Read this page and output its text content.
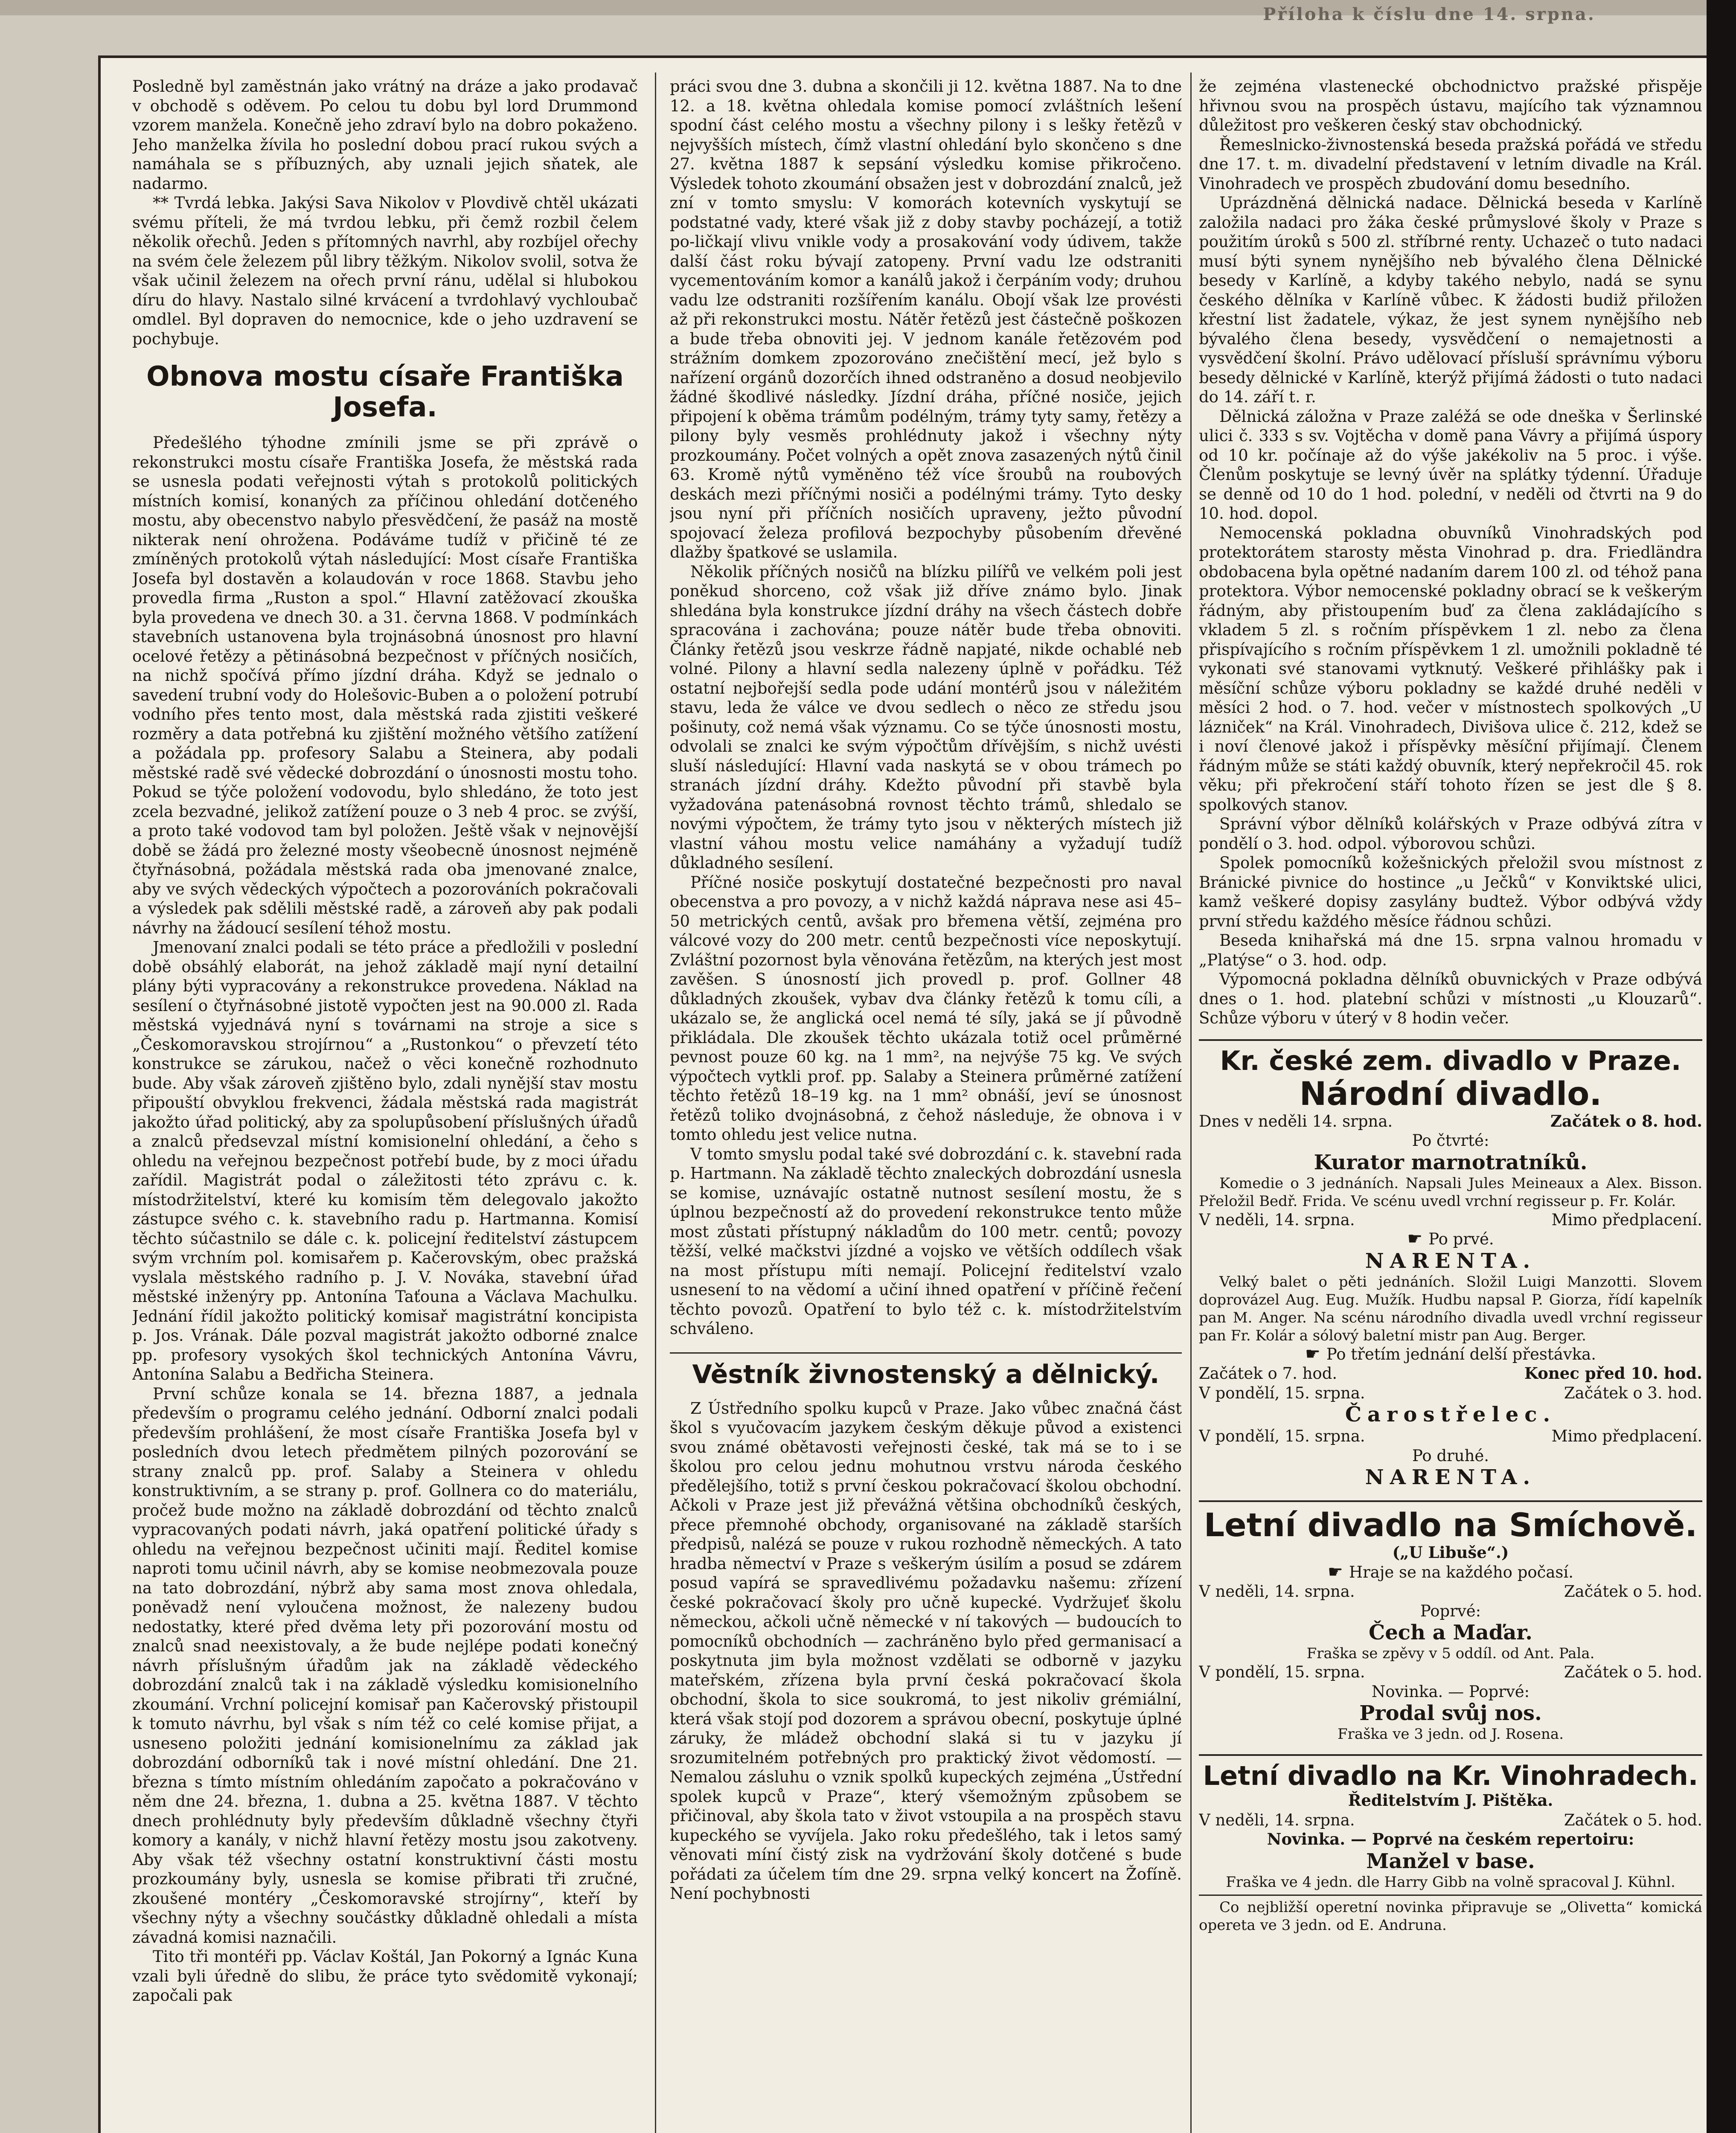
Příloha k číslu dne 14. srpna.

Posledně byl zaměstnán jako vrátný na dráze a jako prodavač v obchodě s oděvem. Po celou tu dobu byl lord Drummond vzorem manžela. Konečně jeho zdraví bylo na dobro pokaženo. Jeho manželka žívila ho poslední dobou prací rukou svých a namáhala se s příbuzných, aby uznali jejich sňatek, ale nadarmo.

** Tvrdá lebka. Jakýsi Sava Nikolov v Plovdivě chtěl ukázati svému příteli, že má tvrdou lebku, při čemž rozbil čelem několik ořechů. Jeden s přítomných navrhl, aby rozbíjel ořechy na svém čele železem půl libry těžkým. Nikolov svolil, sotva že však učinil železem na ořech první ránu, udělal si hlubokou díru do hlavy. Nastalo silné krvácení a tvrdohlavý vychloubač omdlel. Byl dopraven do nemocnice, kde o jeho uzdravení se pochybuje.

Obnova mostu císaře Františka Josefa.

Předešlého týhodne zmínili jsme se při zprávě o rekonstrukci mostu císaře Františka Josefa, že městská rada se usnesla podati veřejnosti výtah s protokolů politických místních komisí, konaných za příčinou ohledání dotčeného mostu, aby obecenstvo nabylo přesvědčení, že pasáž na mostě nikterak není ohrožena. Podáváme tudíž v přičině té ze zmíněných protokolů výtah následující: Most císaře Františka Josefa byl dostavěn a kolaudován v roce 1868. Stavbu jeho provedla firma „Ruston a spol.“ Hlavní zatěžovací zkouška byla provedena ve dnech 30. a 31. června 1868. V podmínkách stavebních ustanovena byla trojnásobná únosnost pro hlavní ocelové řetězy a pětinásobná bezpečnost v příčných nosičích, na nichž spočívá přímo jízdní dráha. Když se jednalo o savedení trubní vody do Holešovic-Buben a o položení potrubí vodního přes tento most, dala městská rada zjistiti veškeré rozměry a data potřebná ku zjištění možného většího zatížení a požádala pp. profesory Salabu a Steinera, aby podali městské radě své vědecké dobrozdání o únosnosti mostu toho. Pokud se týče položení vodovodu, bylo shledáno, že toto jest zcela bezvadné, jelikož zatížení pouze o 3 neb 4 proc. se zvýší, a proto také vodovod tam byl položen. Ještě však v nejnovější době se žádá pro železné mosty všeobecně únosnost nejméně čtyřnásobná, požádala městská rada oba jmenované znalce, aby ve svých vědeckých výpočtech a pozorováních pokračovali a výsledek pak sdělili městské radě, a zároveň aby pak podali návrhy na žádoucí sesílení téhož mostu.

Jmenovaní znalci podali se této práce a předložili v poslední době obsáhlý elaborát, na jehož základě mají nyní detailní plány býti vypracovány a rekonstrukce provedena. Náklad na sesílení o čtyřnásobné jistotě vypočten jest na 90.000 zl. Rada městská vyjednává nyní s továrnami na stroje a sice s „Českomoravskou strojírnou“ a „Rustonkou“ o převzetí této konstrukce se zárukou, načež o věci konečně rozhodnuto bude. Aby však zároveň zjištěno bylo, zdali nynější stav mostu připouští obvyklou frekvenci, žádala městská rada magistrát jakožto úřad politický, aby za spolupůsobení příslušných úřadů a znalců předsevzal místní komisionelní ohledání, a čeho s ohledu na veřejnou bezpečnost potřebí bude, by z moci úřadu zařídil. Magistrát podal o záležitosti této zprávu c. k. místodržitelství, které ku komisím těm delegovalo jakožto zástupce svého c. k. stavebního radu p. Hartmanna. Komisí těchto súčastnilo se dále c. k. policejní ředitelství zástupcem svým vrchním pol. komisařem p. Kačerovským, obec pražská vyslala městského radního p. J. V. Nováka, stavební úřad městské inženýry pp. Antonína Taťouna a Václava Machulku. Jednání řídil jakožto politický komisař magistrátní koncipista p. Jos. Vrának. Dále pozval magistrát jakožto odborné znalce pp. profesory vysokých škol technických Antonína Vávru, Antonína Salabu a Bedřicha Steinera.

První schůze konala se 14. března 1887, a jednala především o programu celého jednání. Odborní znalci podali především prohlášení, že most císaře Františka Josefa byl v posledních dvou letech předmětem pilných pozorování se strany znalců pp. prof. Salaby a Steinera v ohledu konstruktivním, a se strany p. prof. Gollnera co do materiálu, pročež bude možno na základě dobrozdání od těchto znalců vypracovaných podati návrh, jaká opatření politické úřady s ohledu na veřejnou bezpečnost učiniti mají. Ředitel komise naproti tomu učinil návrh, aby se komise neobmezovala pouze na tato dobrozdání, nýbrž aby sama most znova ohledala, poněvadž není vyloučena možnost, že nalezeny budou nedostatky, které před dvěma lety při pozorování mostu od znalců snad neexistovaly, a že bude nejlépe podati konečný návrh příslušným úřadům jak na základě vědeckého dobrozdání znalců tak i na základě výsledku komisionelního zkoumání. Vrchní policejní komisař pan Kačerovský přistoupil k tomuto návrhu, byl však s ním též co celé komise přijat, a usneseno položiti jednání komisionelnímu za základ jak dobrozdání odborníků tak i nové místní ohledání. Dne 21. března s tímto místním ohledáním započato a pokračováno v něm dne 24. března, 1. dubna a 25. května 1887. V těchto dnech prohlédnuty byly především důkladně všechny čtyři komory a kanály, v nichž hlavní řetězy mostu jsou zakotveny. Aby však též všechny ostatní konstruktivní části mostu prozkoumány byly, usnesla se komise přibrati tři zručné, zkoušené montéry „Českomoravské strojírny“, kteří by všechny nýty a všechny součástky důkladně ohledali a místa závadná komisi naznačili.

Tito tři montéři pp. Václav Koštál, Jan Pokorný a Ignác Kuna vzali byli úředně do slibu, že práce tyto svědomitě vykonají; započali pak

práci svou dne 3. dubna a skončili ji 12. května 1887. Na to dne 12. a 18. května ohledala komise pomocí zvláštních lešení spodní část celého mostu a všechny pilony i s lešky řetězů v nejvyšších místech, čímž vlastní ohledání bylo skončeno s dne 27. května 1887 k sepsání výsledku komise přikročeno. Výsledek tohoto zkoumání obsažen jest v dobrozdání znalců, jež zní v tomto smyslu: V komorách kotevních vyskytují se podstatné vady, které však již z doby stavby pocházejí, a totiž po-ličkají vlivu vnikle vody a prosakování vody údivem, takže další část roku bývají zatopeny. První vadu lze odstraniti vycementováním komor a kanálů jakož i čerpáním vody; druhou vadu lze odstraniti rozšířením kanálu. Obojí však lze provésti až při rekonstrukci mostu. Nátěr řetězů jest částečně poškozen a bude třeba obnoviti jej. V jednom kanále řetězovém pod strážním domkem zpozorováno znečištění mecí, jež bylo s nařízení orgánů dozorčích ihned odstraněno a dosud neobjevilo žádné škodlivé následky. Jízdní dráha, příčné nosiče, jejich připojení k oběma trámům podélným, trámy tyty samy, řetězy a pilony byly vesměs prohlédnuty jakož i všechny nýty prozkoumány. Počet volných a opět znova zasazených nýtů činil 63. Kromě nýtů vyměněno též více šroubů na roubových deskách mezi příčnými nosiči a podélnými trámy. Tyto desky jsou nyní při příčních nosičích upraveny, ježto původní spojovací železa profilová bezpochyby působením dřevěné dlažby špatkové se uslamila.

Několik příčných nosičů na blízku pilířů ve velkém poli jest poněkud shorceno, což však již dříve známo bylo. Jinak shledána byla konstrukce jízdní dráhy na všech částech dobře spracována i zachována; pouze nátěr bude třeba obnoviti. Články řetězů jsou veskrze řádně napjaté, nikde ochablé neb volné. Pilony a hlavní sedla nalezeny úplně v pořádku. Též ostatní nejbořejší sedla pode udání montérů jsou v náležitém stavu, leda že válce ve dvou sedlech o něco ze středu jsou pošinuty, což nemá však významu. Co se týče únosnosti mostu, odvolali se znalci ke svým výpočtům dřívějším, s nichž uvésti sluší následující: Hlavní vada naskytá se v obou trámech po stranách jízdní dráhy. Kdežto původní při stavbě byla vyžadována patenásobná rovnost těchto trámů, shledalo se novými výpočtem, že trámy tyto jsou v některých místech již vlastní váhou mostu velice namáhány a vyžadují tudíž důkladného sesílení.

Příčné nosiče poskytují dostatečné bezpečnosti pro naval obecenstva a pro povozy, a v nichž každá náprava nese asi 45–50 metrických centů, avšak pro břemena větší, zejména pro válcové vozy do 200 metr. centů bezpečnosti více neposkytují. Zvláštní pozornost byla věnována řetězům, na kterých jest most zavěšen. S únosností jich provedl p. prof. Gollner 48 důkladných zkoušek, vybav dva články řetězů k tomu cíli, a ukázalo se, že anglická ocel nemá té síly, jaká se jí původně přikládala. Dle zkoušek těchto ukázala totiž ocel průměrné pevnost pouze 60 kg. na 1 mm², na nejvýše 75 kg. Ve svých výpočtech vytkli prof. pp. Salaby a Steinera průměrné zatížení těchto řetězů 18–19 kg. na 1 mm² obnáší, jeví se únosnost řetězů toliko dvojnásobná, z čehož následuje, že obnova i v tomto ohledu jest velice nutna.

V tomto smyslu podal také své dobrozdání c. k. stavební rada p. Hartmann. Na základě těchto znaleckých dobrozdání usnesla se komise, uznávajíc ostatně nutnost sesílení mostu, že s úplnou bezpečností až do provedení rekonstrukce tento může most zůstati přístupný nákladům do 100 metr. centů; povozy těžší, velké mačkstvi jízdné a vojsko ve větších oddílech však na most přístupu míti nemají. Policejní ředitelství vzalo usnesení to na vědomí a učiní ihned opatření v příčině řečení těchto povozů. Opatření to bylo též c. k. místodržitelstvím schváleno.

Věstník živnostenský a dělnický.

Z Ústředního spolku kupců v Praze. Jako vůbec značná část škol s vyučovacím jazykem českým děkuje původ a existenci svou známé obětavosti veřejnosti české, tak má se to i se školou pro celou jednu mohutnou vrstvu národa českého předělejšího, totiž s první českou pokračovací školou obchodní. Ačkoli v Praze jest již převážná většina obchodníků českých, přece přemnohé obchody, organisované na základě starších předpisů, nalézá se pouze v rukou rozhodně německých. A tato hradba němectví v Praze s veškerým úsilím a posud se zdárem posud vapírá se spravedlivému požadavku našemu: zřízení české pokračovací školy pro učně kupecké. Vydržujeť školu německou, ačkoli učně německé v ní takových — budoucích to pomocníků obchodních — zachráněno bylo před germanisací a poskytnuta jim byla možnost vzdělati se odborně v jazyku mateřském, zřízena byla první česká pokračovací škola obchodní, škola to sice soukromá, to jest nikoliv grémiální, která však stojí pod dozorem a správou obecní, poskytuje úplné záruky, že mládež obchodní slaká si tu v jazyku jí srozumitelném potřebných pro praktický život vědomostí. — Nemalou zásluhu o vznik spolků kupeckých zejména „Ústřední spolek kupců v Praze“, který všemožným způsobem se přičinoval, aby škola tato v život vstoupila a na prospěch stavu kupeckého se vyvíjela. Jako roku předešlého, tak i letos samý věnovati míní čistý zisk na vydržování školy dotčené s bude pořádati za účelem tím dne 29. srpna velký koncert na Žofíně. Není pochybnosti

že zejména vlastenecké obchodnictvo pražské přispěje hřivnou svou na prospěch ústavu, majícího tak významnou důležitost pro veškeren český stav obchodnický.

Řemeslnicko-živnostenská beseda pražská pořádá ve středu dne 17. t. m. divadelní představení v letním divadle na Král. Vinohradech ve prospěch zbudování domu besedního.

Uprázdněná dělnická nadace. Dělnická beseda v Karlíně založila nadaci pro žáka české průmyslové školy v Praze s použitím úroků s 500 zl. stříbrné renty. Uchazeč o tuto nadaci musí býti synem nynějšího neb bývalého člena Dělnické besedy v Karlíně, a kdyby takého nebylo, nadá se synu českého dělníka v Karlíně vůbec. K žádosti budiž přiložen křestní list žadatele, výkaz, že jest synem nynějšího neb bývalého člena besedy, vysvědčení o nemajetnosti a vysvědčení školní. Právo udělovací přísluší správnímu výboru besedy dělnické v Karlíně, kterýž přijímá žádosti o tuto nadaci do 14. září t. r.

Dělnická záložna v Praze zaléžá se ode dneška v Šerlinské ulici č. 333 s sv. Vojtěcha v domě pana Vávry a přijímá úspory od 10 kr. počínaje až do výše jakékoliv na 5 proc. i výše. Členům poskytuje se levný úvěr na splátky týdenní. Úřaduje se denně od 10 do 1 hod. polední, v neděli od čtvrti na 9 do 10. hod. dopol.

Nemocenská pokladna obuvníků Vinohradských pod protektorátem starosty města Vinohrad p. dra. Friedländra obdobacena byla opětné nadaním darem 100 zl. od téhož pana protektora. Výbor nemocenské pokladny obrací se k veškerým řádným, aby přistoupením buď za člena zakládajícího s vkladem 5 zl. s ročním příspěvkem 1 zl. nebo za člena přispívajícího s ročním příspěvkem 1 zl. umožnili pokladně té vykonati své stanovami vytknutý. Veškeré přihlášky pak i měsíční schůze výboru pokladny se každé druhé neděli v měsíci 2 hod. o 7. hod. večer v místnostech spolkových „U lázniček“ na Král. Vinohradech, Divišova ulice č. 212, kdež se i noví členové jakož i příspěvky měsíční přijímají. Členem řádným může se státi každý obuvník, který nepřekročil 45. rok věku; při překročení stáří tohoto řízen se jest dle § 8. spolkových stanov.

Správní výbor dělníků kolářských v Praze odbývá zítra v pondělí o 3. hod. odpol. výborovou schůzi.

Spolek pomocníků kožešnických přeložil svou místnost z Bránické pivnice do hostince „u Ječků“ v Konviktské ulici, kamž veškeré dopisy zasylány budtež. Výbor odbývá vždy první středu každého měsíce řádnou schůzi.

Beseda knihařská má dne 15. srpna valnou hromadu v „Platýse“ o 3. hod. odp.

Výpomocná pokladna dělníků obuvnických v Praze odbývá dnes o 1. hod. platební schůzi v místnosti „u Klouzarů“. Schůze výboru v úterý v 8 hodin večer.

Kr. české zem. divadlo v Praze.
Národní divadlo.
Dnes v neděli 14. srpna.	Začátek o 8. hod.
Po čtvrté:
Kurator marnotratníků.

Komedie o 3 jednáních. Napsali Jules Meineaux a Alex. Bisson. Přeložil Bedř. Frida. Ve scénu uvedl vrchní regisseur p. Fr. Kolár.

V neděli, 14. srpna.	Mimo předplacení.
☛ Po prvé.
NARENTA.

Velký balet o pěti jednáních. Složil Luigi Manzotti. Slovem doprovázel Aug. Eug. Mužík. Hudbu napsal P. Giorza, řídí kapelník pan M. Anger. Na scénu národního divadla uvedl vrchní regisseur pan Fr. Kolár a sólový baletní mistr pan Aug. Berger.

☛ Po třetím jednání delší přestávka.
Začátek o 7. hod.	Konec před 10. hod.
V pondělí, 15. srpna.	Začátek o 3. hod.
Čarostřelec.
V pondělí, 15. srpna.	Mimo předplacení.
Po druhé.
NARENTA.
Letní divadlo na Smíchově.
(„U Libuše“.)
☛ Hraje se na každého počasí.
V neděli, 14. srpna.	Začátek o 5. hod.
Poprvé:
Čech a Maďar.
Fraška se zpěvy v 5 oddíl. od Ant. Pala.
V pondělí, 15. srpna.	Začátek o 5. hod.
Novinka. — Poprvé:
Prodal svůj nos.
Fraška ve 3 jedn. od J. Rosena.
Letní divadlo na Kr. Vinohradech.
Ředitelstvím J. Pištěka.
V neděli, 14. srpna.	Začátek o 5. hod.
Novinka. — Poprvé na českém repertoiru:
Manžel v base.
Fraška ve 4 jedn. dle Harry Gibb na volně spracoval J. Kühnl.

Co nejbližší operetní novinka připravuje se „Olivetta“ komická opereta ve 3 jedn. od E. Andruna.
